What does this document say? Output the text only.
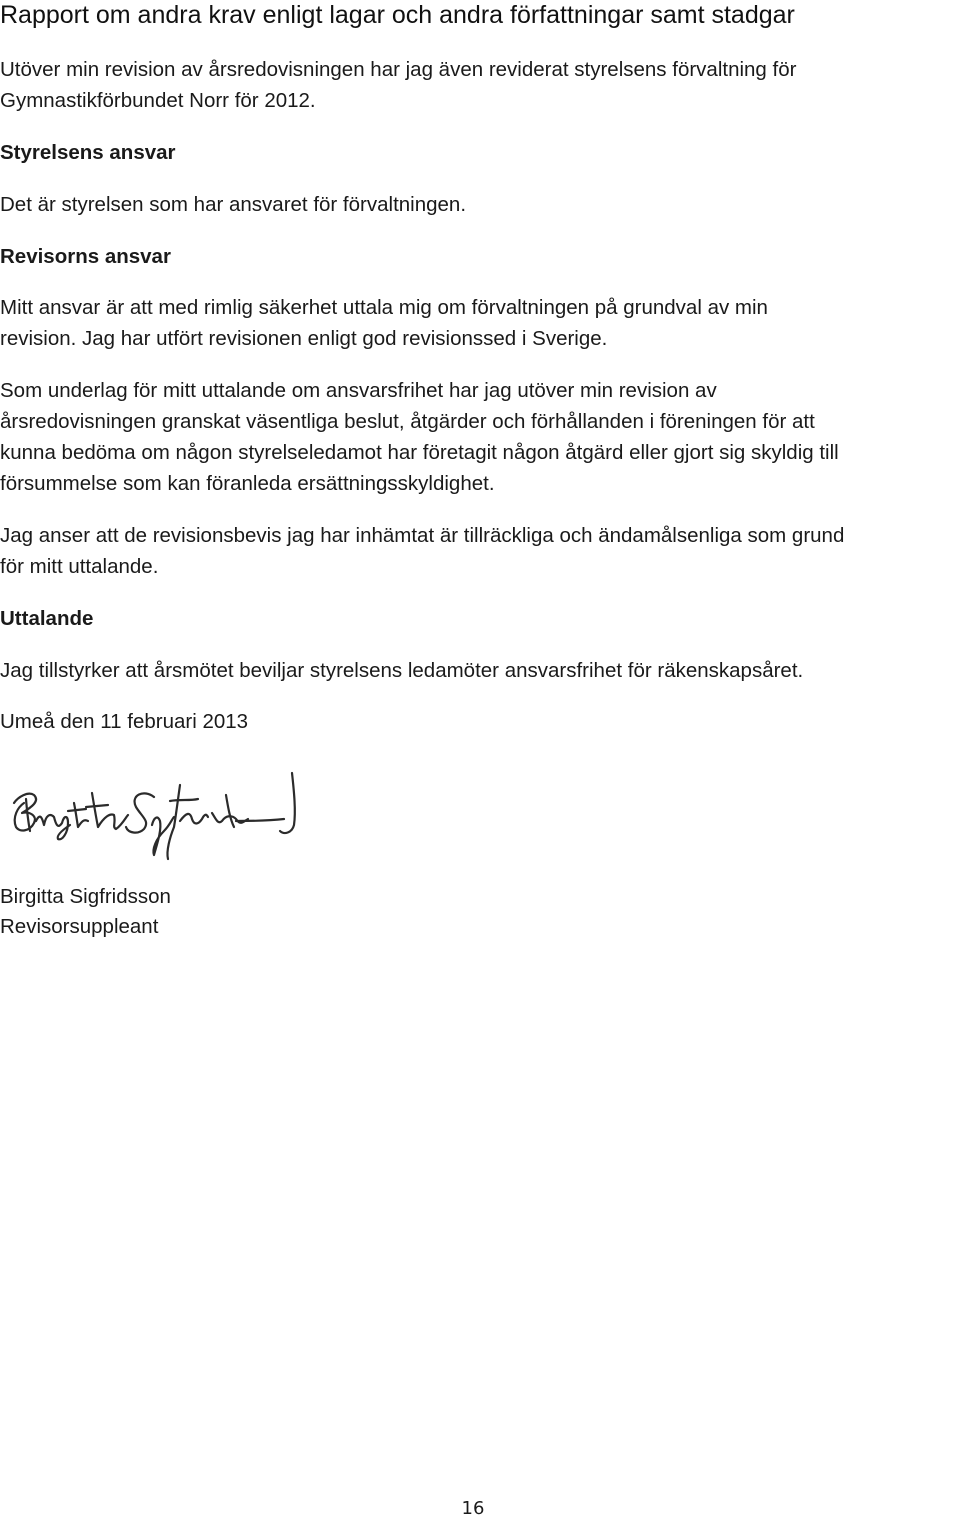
Rapport om andra krav enligt lagar och andra författningar samt stadgar
Utöver min revision av årsredovisningen har jag även reviderat styrelsens förvaltning för
Gymnastikförbundet Norr för 2012.
Styrelsens ansvar
Det är styrelsen som har ansvaret för förvaltningen.
Revisorns ansvar
Mitt ansvar är att med rimlig säkerhet uttala mig om förvaltningen på grundval av min
revision. Jag har utfört revisionen enligt god revisionssed i Sverige.
Som underlag för mitt uttalande om ansvarsfrihet har jag utöver min revision av
årsredovisningen granskat väsentliga beslut, åtgärder och förhållanden i föreningen för att
kunna bedöma om någon styrelseledamot har företagit någon åtgärd eller gjort sig skyldig till
försummelse som kan föranleda ersättningsskyldighet.
Jag anser att de revisionsbevis jag har inhämtat är tillräckliga och ändamålsenliga som grund
för mitt uttalande.
Uttalande
Jag tillstyrker att årsmötet beviljar styrelsens ledamöter ansvarsfrihet för räkenskapsåret.
Umeå den 11 februari 2013
Birgitta Sigfridsson
Revisorsuppleant
16
